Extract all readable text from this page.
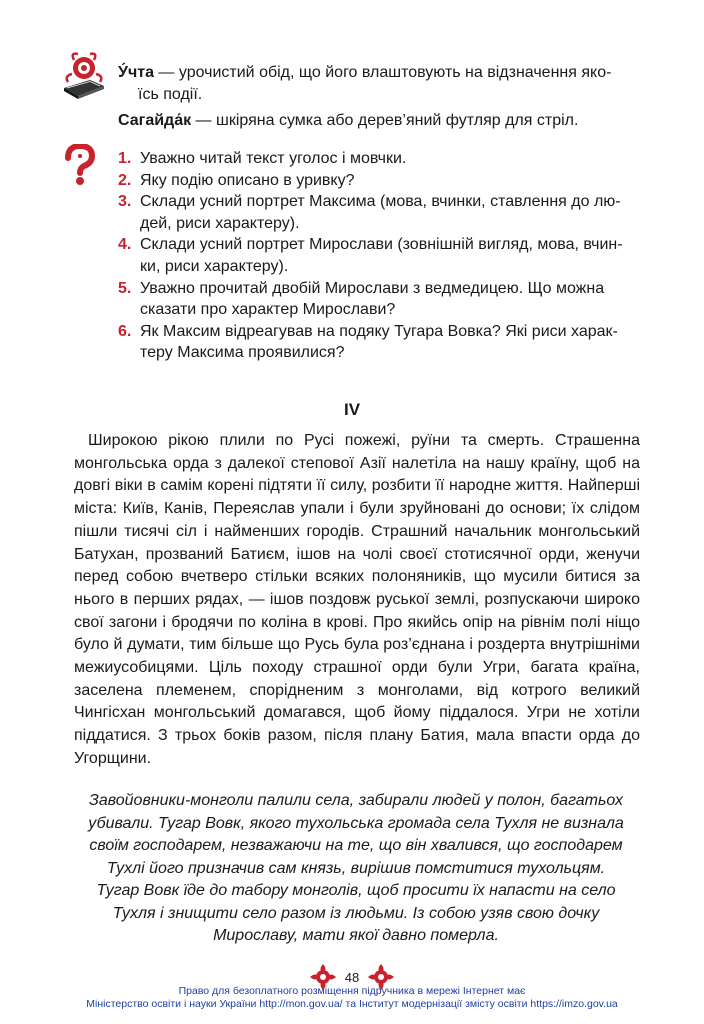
У́чта — урочистий обід, що його влаштовують на відзначення яко-
їсь події.

Сагайда́к — шкіряна сумка або дерев’яний футляр для стріл.

1. Уважно читай текст уголос і мовчки.
2. Яку подію описано в уривку?
3. Склади усний портрет Максима (мова, вчинки, ставлення до лю-
дей, риси характеру).
4. Склади усний портрет Мирослави (зовнішній вигляд, мова, вчин-
ки, риси характеру).
5. Уважно прочитай двобій Мирослави з ведмедицею. Що можна
сказати про характер Мирослави?
6. Як Максим відреагував на подяку Тугара Вовка? Які риси харак-
теру Максима проявилися?
IV

Широкою рікою плили по Русі пожежі, руїни та смерть. Страшенна монгольська орда з далекої степової Азії налетіла на нашу країну, щоб на довгі віки в самім корені підтяти її силу, розбити її народне життя. Найперші міста: Київ, Канів, Переяслав упали і були зруйновані до основи; їх слідом пішли тисячі сіл і найменших городів. Страшний начальник монгольський Батухан, прозваний Батиєм, ішов на чолі своєї стотисячної орди, женучи перед собою вчетверо стільки всяких полоняників, що мусили битися за нього в перших рядах, — ішов поздовж руської землі, розпускаючи широко свої загони і бродячи по коліна в крові. Про якийсь опір на рівнім полі ніщо було й думати, тим більше що Русь була роз’єднана і роздерта внутрішніми межиусобицями. Ціль походу страшної орди були Угри, багата країна, заселена племенем, спорідненим з монголами, від котрого великий Чингісхан монгольський домагався, щоб йому піддалося. Угри не хотіли піддатися. З трьох боків разом, після плану Батия, мала впасти орда до Угорщини.

Завойовники-монголи палили села, забирали людей у полон, багатьох убивали. Тугар Вовк, якого тухольська громада села Тухля не визнала своїм господарем, незважаючи на те, що він хвалився, що господарем Тухлі його призначив сам князь, вирішив помститися тухольцям. Тугар Вовк їде до табору монголів, щоб просити їх напасти на село Тухля і знищити село разом із людьми. Із собою узяв свою дочку Мирославу, мати якої давно померла.

48
Право для безоплатного розміщення підручника в мережі Інтернет має
Міністерство освіти і науки України http://mon.gov.ua/ та Інститут модернізації змісту освіти https://imzo.gov.ua
